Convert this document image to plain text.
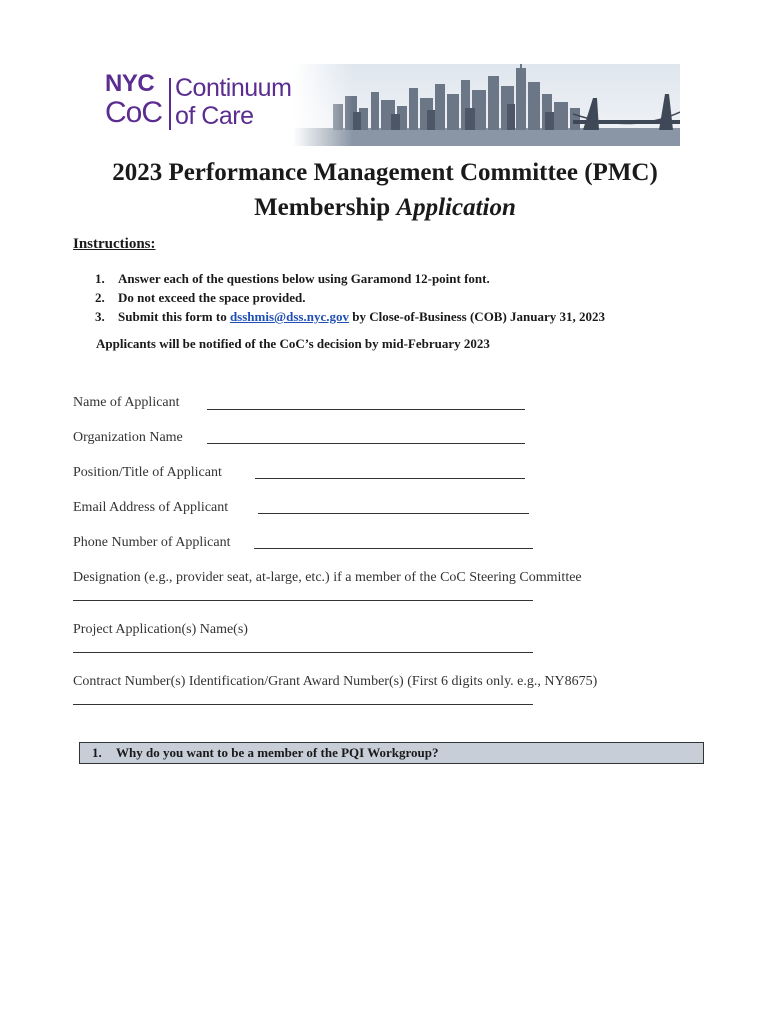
NYC
CoC
Continuum
of Care
2023 Performance Management Committee (PMC)
Membership Application
Instructions:
1. Answer each of the questions below using Garamond 12-point font.
2. Do not exceed the space provided.
3. Submit this form to dsshmis@dss.nyc.gov by Close-of-Business (COB) January 31, 2023
Applicants will be notified of the CoC’s decision by mid-February 2023
Name of Applicant
Organization Name
Position/Title of Applicant
Email Address of Applicant
Phone Number of Applicant
Designation (e.g., provider seat, at-large, etc.) if a member of the CoC Steering Committee
Project Application(s) Name(s)
Contract Number(s) Identification/Grant Award Number(s) (First 6 digits only. e.g., NY8675)
1. Why do you want to be a member of the PQI Workgroup?
